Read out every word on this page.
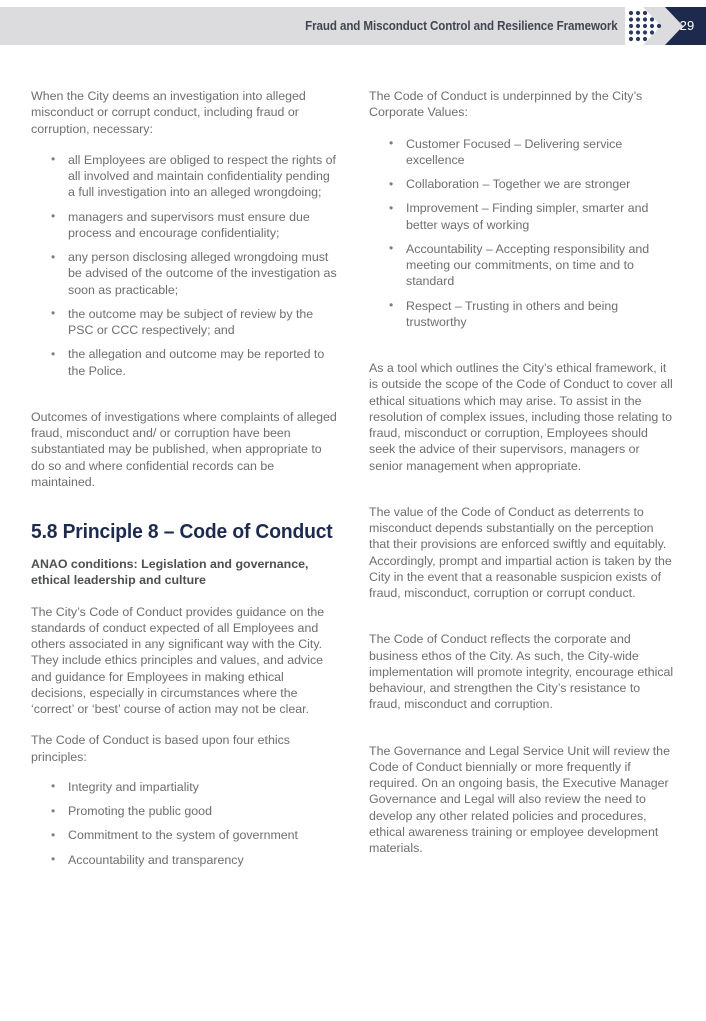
Fraud and Misconduct Control and Resilience Framework	29

When the City deems an investigation into alleged misconduct or corrupt conduct, including fraud or corruption, necessary:

• all Employees are obliged to respect the rights of all involved and maintain confidentiality pending a full investigation into an alleged wrongdoing;
• managers and supervisors must ensure due process and encourage confidentiality;
• any person disclosing alleged wrongdoing must be advised of the outcome of the investigation as soon as practicable;
• the outcome may be subject of review by the PSC or CCC respectively; and
• the allegation and outcome may be reported to the Police.

Outcomes of investigations where complaints of alleged fraud, misconduct and/ or corruption have been substantiated may be published, when appropriate to do so and where confidential records can be maintained.

5.8 Principle 8 – Code of Conduct

ANAO conditions: Legislation and governance, ethical leadership and culture

The City’s Code of Conduct provides guidance on the standards of conduct expected of all Employees and others associated in any significant way with the City. They include ethics principles and values, and advice and guidance for Employees in making ethical decisions, especially in circumstances where the ‘correct’ or ‘best’ course of action may not be clear.

The Code of Conduct is based upon four ethics principles:

• Integrity and impartiality
• Promoting the public good
• Commitment to the system of government
• Accountability and transparency

The Code of Conduct is underpinned by the City’s Corporate Values:

• Customer Focused – Delivering service excellence
• Collaboration – Together we are stronger
• Improvement – Finding simpler, smarter and better ways of working
• Accountability – Accepting responsibility and meeting our commitments, on time and to standard
• Respect – Trusting in others and being trustworthy

As a tool which outlines the City’s ethical framework, it is outside the scope of the Code of Conduct to cover all ethical situations which may arise. To assist in the resolution of complex issues, including those relating to fraud, misconduct or corruption, Employees should seek the advice of their supervisors, managers or senior management when appropriate.

The value of the Code of Conduct as deterrents to misconduct depends substantially on the perception that their provisions are enforced swiftly and equitably. Accordingly, prompt and impartial action is taken by the City in the event that a reasonable suspicion exists of fraud, misconduct, corruption or corrupt conduct.

The Code of Conduct reflects the corporate and business ethos of the City. As such, the City-wide implementation will promote integrity, encourage ethical behaviour, and strengthen the City’s resistance to fraud, misconduct and corruption.

The Governance and Legal Service Unit will review the Code of Conduct biennially or more frequently if required. On an ongoing basis, the Executive Manager Governance and Legal will also review the need to develop any other related policies and procedures, ethical awareness training or employee development materials.
